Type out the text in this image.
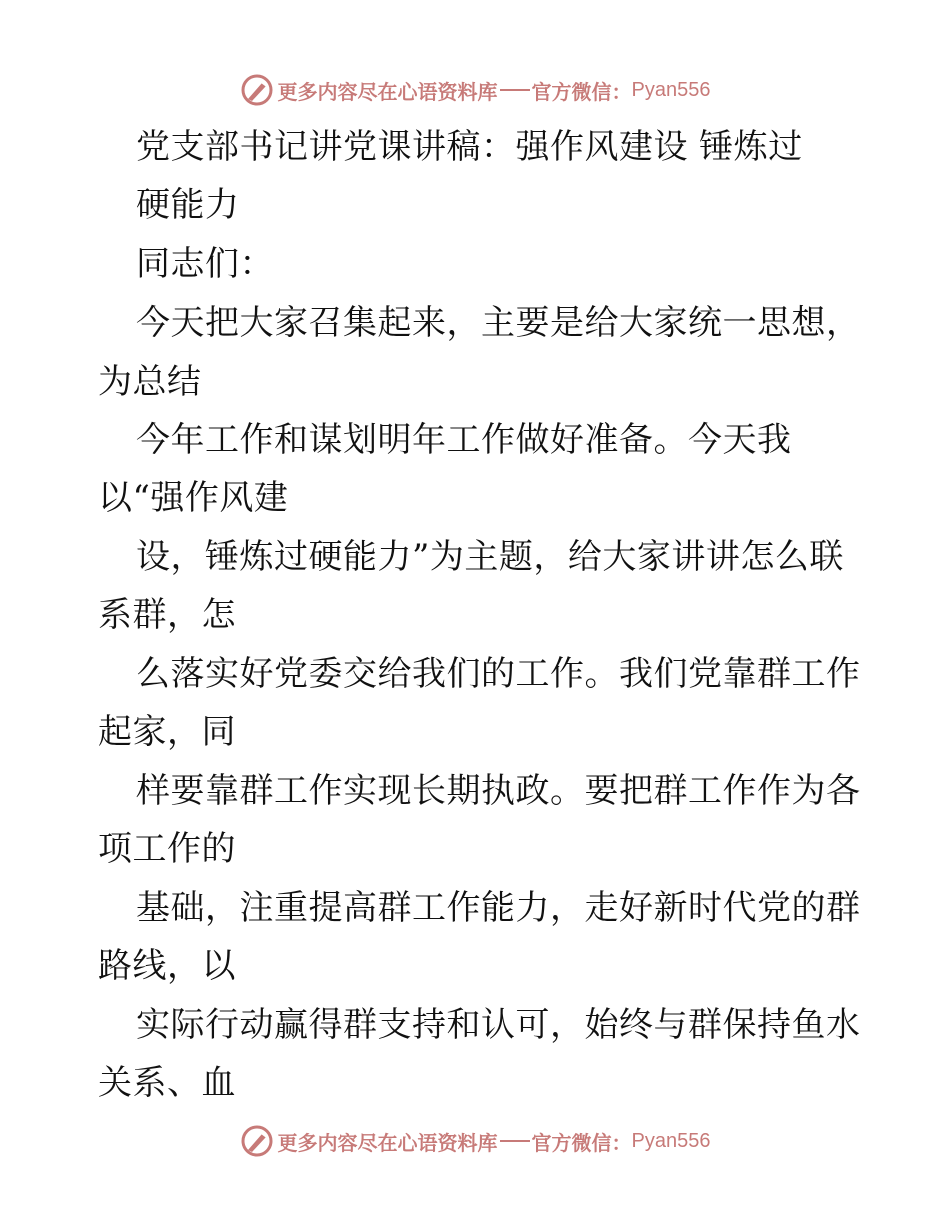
更多内容尽在心语资料库 官方微信： Pyan556
党支部书记讲党课讲稿：强作风建设 锤炼过
硬能力
同志们：
今天把大家召集起来，主要是给大家统一思想，
为总结
今年工作和谋划明年工作做好准备。今天我
以“强作风建
设，锤炼过硬能力”为主题，给大家讲讲怎么联
系群，怎
么落实好党委交给我们的工作。我们党靠群工作
起家，同
样要靠群工作实现长期执政。要把群工作作为各
项工作的
基础，注重提高群工作能力，走好新时代党的群
路线，以
实际行动赢得群支持和认可，始终与群保持鱼水
关系、血
更多内容尽在心语资料库 官方微信： Pyan556
